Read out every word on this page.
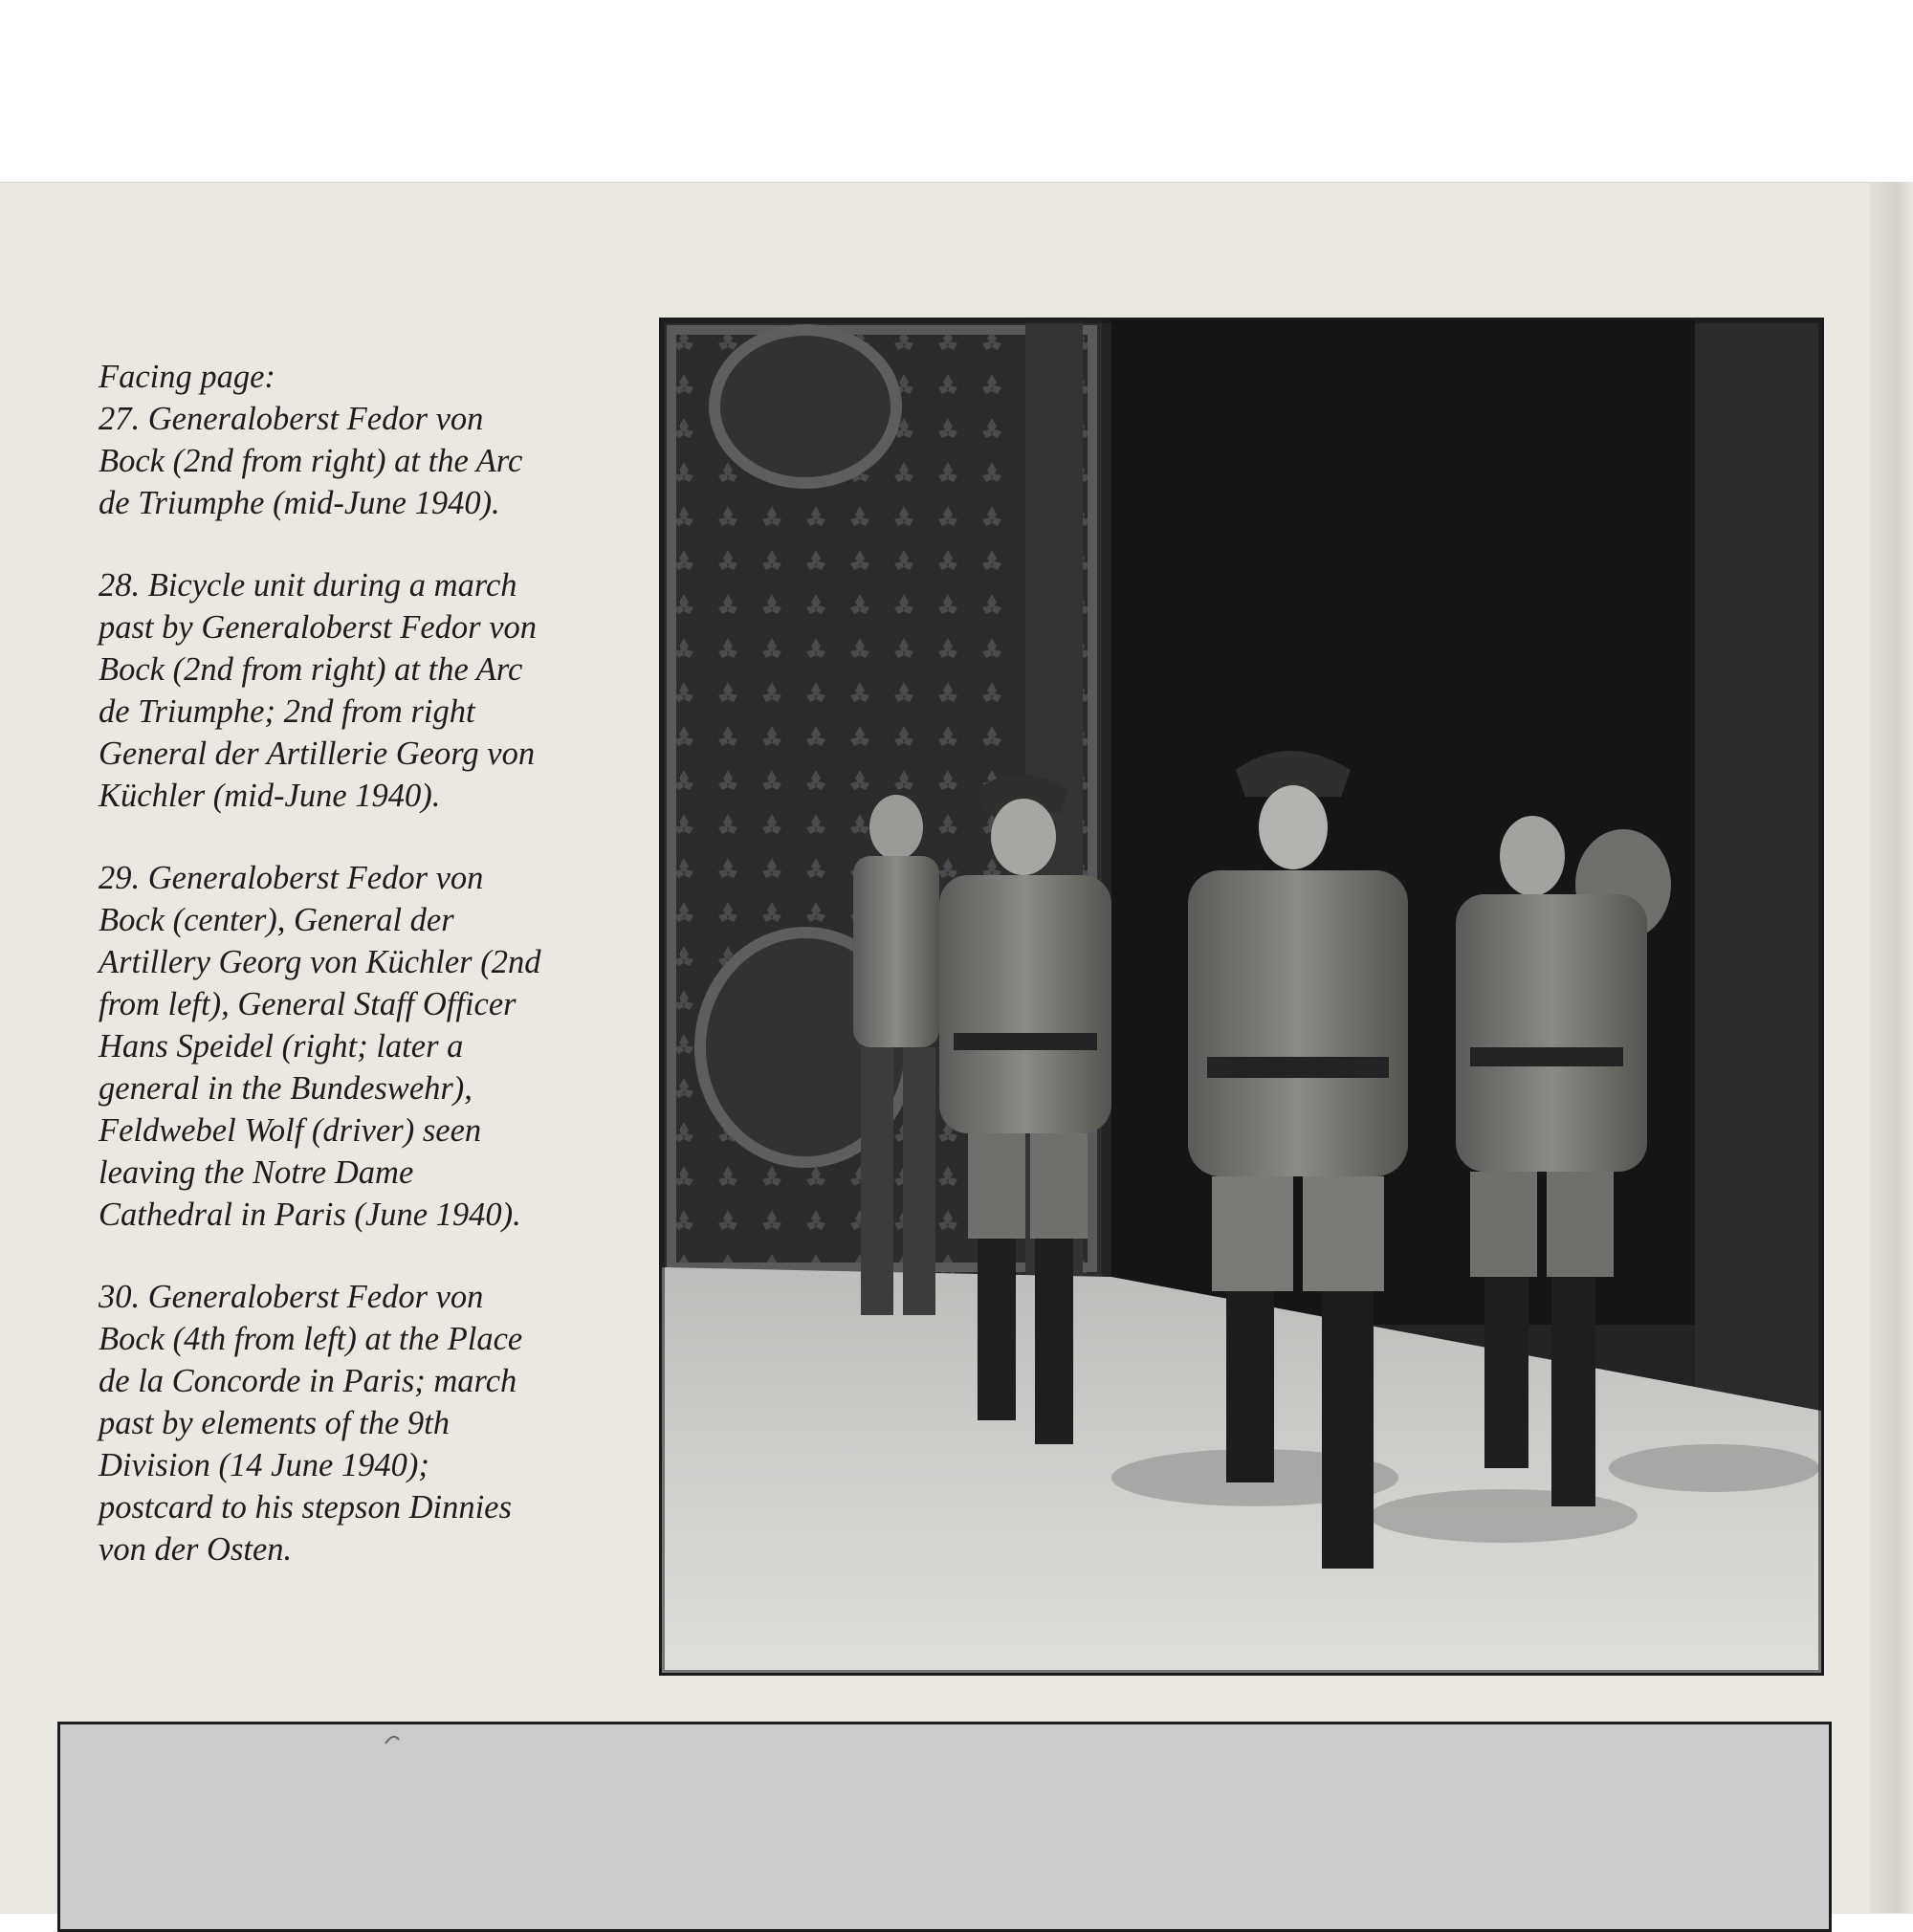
Facing page:

27. Generaloberst Fedor von
Bock (2nd from right) at the Arc
de Triumphe (mid-June 1940).
28. Bicycle unit during a march
past by Generaloberst Fedor von
Bock (2nd from right) at the Arc
de Triumphe; 2nd from right
General der Artillerie Georg von
Küchler (mid-June 1940).
29. Generaloberst Fedor von
Bock (center), General der
Artillery Georg von Küchler (2nd
from left), General Staff Officer
Hans Speidel (right; later a
general in the Bundeswehr),
Feldwebel Wolf (driver) seen
leaving the Notre Dame
Cathedral in Paris (June 1940).
30. Generaloberst Fedor von
Bock (4th from left) at the Place
de la Concorde in Paris; march
past by elements of the 9th
Division (14 June 1940);
postcard to his stepson Dinnies
von der Osten.
